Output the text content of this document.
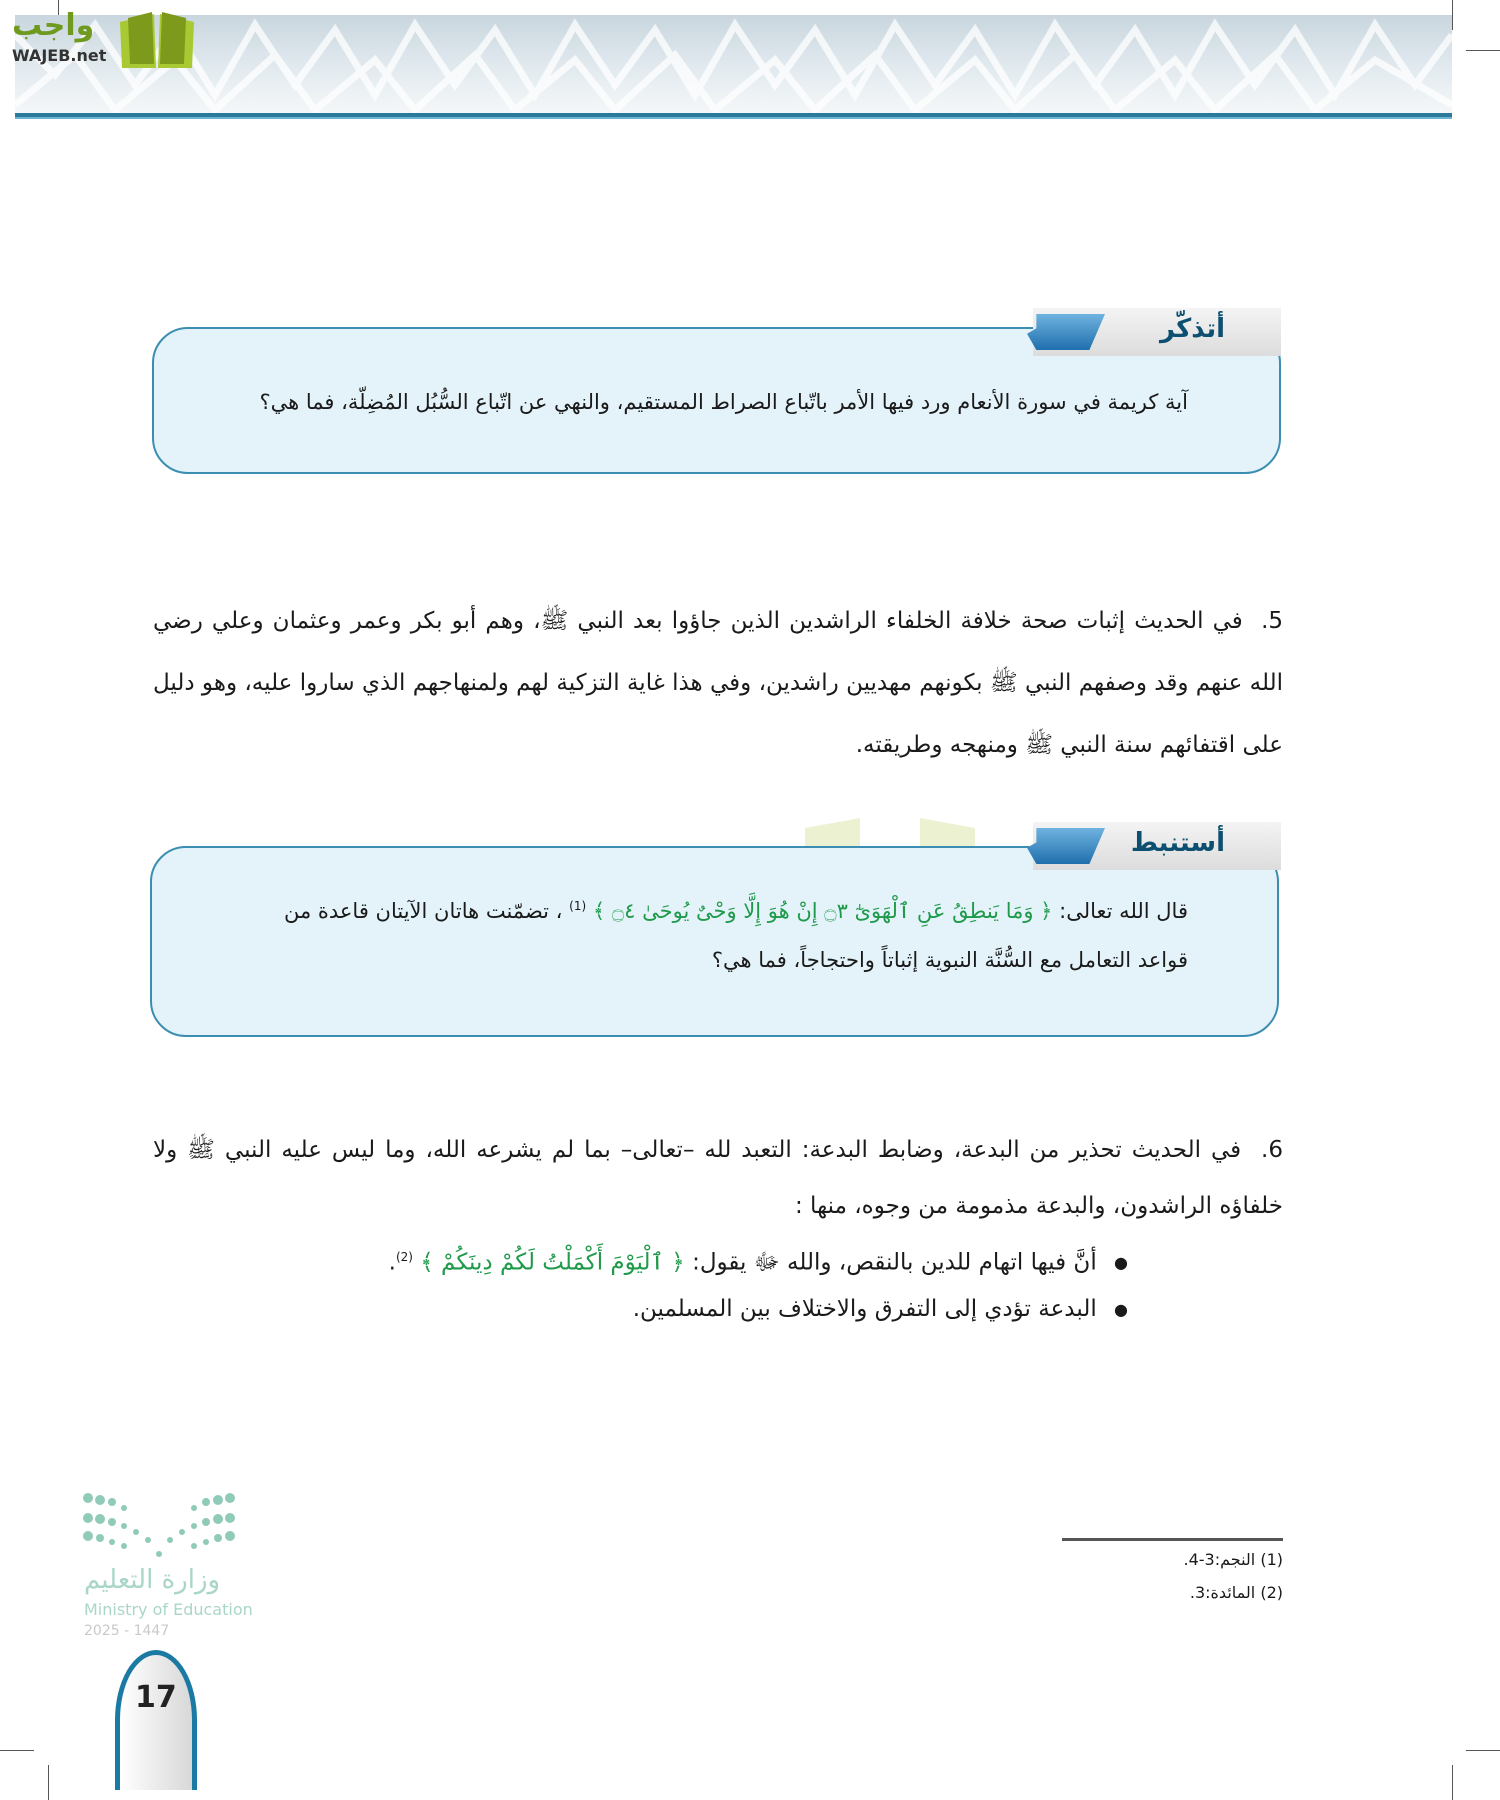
واجب
WAJEB.net
أتذكّر
آية كريمة في سورة الأنعام ورد فيها الأمر باتّباع الصراط المستقيم، والنهي عن اتّباع السُّبُل المُضِلّة، فما هي؟
5.  في الحديث إثبات صحة خلافة الخلفاء الراشدين الذين جاؤوا بعد النبي ﷺ، وهم أبو بكر وعمر وعثمان وعلي رضي الله عنهم وقد وصفهم النبي ﷺ بكونهم مهديين راشدين، وفي هذا غاية التزكية لهم ولمنهاجهم الذي ساروا عليه، وهو دليل على اقتفائهم سنة النبي ﷺ ومنهجه وطريقته.
أستنبط
قال الله تعالى: ﴿ وَمَا يَنطِقُ عَنِ ٱلْهَوَىٰٓ ۝٣ إِنْ هُوَ إِلَّا وَحْىٌ يُوحَىٰ ۝٤ ﴾ $^{(1)}$ ، تضمّنت هاتان الآيتان قاعدة من
قواعد التعامل مع السُّنَّة النبوية إثباتاً واحتجاجاً، فما هي؟
6.  في الحديث تحذير من البدعة، وضابط البدعة: التعبد لله –تعالى– بما لم يشرعه الله، وما ليس عليه النبي ﷺ ولا خلفاؤه الراشدون، والبدعة مذمومة من وجوه، منها :
● أنَّ فيها اتهام للدين بالنقص، والله ﷻ يقول: ﴿ ٱلْيَوْمَ أَكْمَلْتُ لَكُمْ دِينَكُمْ ﴾ $^{(2)}$.
● البدعة تؤدي إلى التفرق والاختلاف بين المسلمين.
(1) النجم:3-4.
(2) المائدة:3.
وزارة التعليم
Ministry of Education
2025 - 1447
17
